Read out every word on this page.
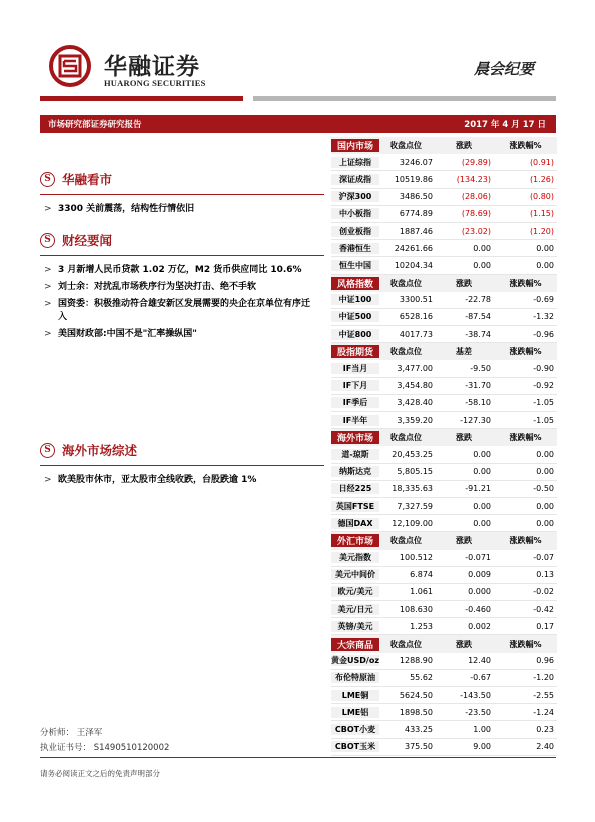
华融证券
HUARONG SECURITIES
晨会纪要
市场研究部证券研究报告	2017 年 4 月 17 日
S 华融看市
> 3300 关前震荡，结构性行情依旧
S 财经要闻
> 3 月新增人民币贷款 1.02 万亿，M2 货币供应同比 10.6%
> 刘士余：对扰乱市场秩序行为坚决打击、绝不手软
> 国资委：积极推动符合雄安新区发展需要的央企在京单位有序迁入
> 美国财政部:中国不是"汇率操纵国"
S 海外市场综述
> 欧美股市休市，亚太股市全线收跌，台股跌逾 1%
国内市场	收盘点位	涨跌	涨跌幅%
上证综指	3246.07	(29.89)	(0.91)
深证成指	10519.86	(134.23)	(1.26)
沪深300	3486.50	(28.06)	(0.80)
中小板指	6774.89	(78.69)	(1.15)
创业板指	1887.46	(23.02)	(1.20)
香港恒生	24261.66	0.00	0.00
恒生中国	10204.34	0.00	0.00
风格指数	收盘点位	涨跌	涨跌幅%
中证100	3300.51	-22.78	-0.69
中证500	6528.16	-87.54	-1.32
中证800	4017.73	-38.74	-0.96
股指期货	收盘点位	基差	涨跌幅%
IF当月	3,477.00	-9.50	-0.90
IF下月	3,454.80	-31.70	-0.92
IF季后	3,428.40	-58.10	-1.05
IF半年	3,359.20	-127.30	-1.05
海外市场	收盘点位	涨跌	涨跌幅%
道-琼斯	20,453.25	0.00	0.00
纳斯达克	5,805.15	0.00	0.00
日经225	18,335.63	-91.21	-0.50
英国FTSE	7,327.59	0.00	0.00
德国DAX	12,109.00	0.00	0.00
外汇市场	收盘点位	涨跌	涨跌幅%
美元指数	100.512	-0.071	-0.07
美元中间价	6.874	0.009	0.13
欧元/美元	1.061	0.000	-0.02
美元/日元	108.630	-0.460	-0.42
英镑/美元	1.253	0.002	0.17
大宗商品	收盘点位	涨跌	涨跌幅%
黄金USD/oz	1288.90	12.40	0.96
布伦特原油	55.62	-0.67	-1.20
LME铜	5624.50	-143.50	-2.55
LME铝	1898.50	-23.50	-1.24
CBOT小麦	433.25	1.00	0.23
CBOT玉米	375.50	9.00	2.40
分析师： 王泽军
执业证书号： S1490510120002
请务必阅读正文之后的免责声明部分
